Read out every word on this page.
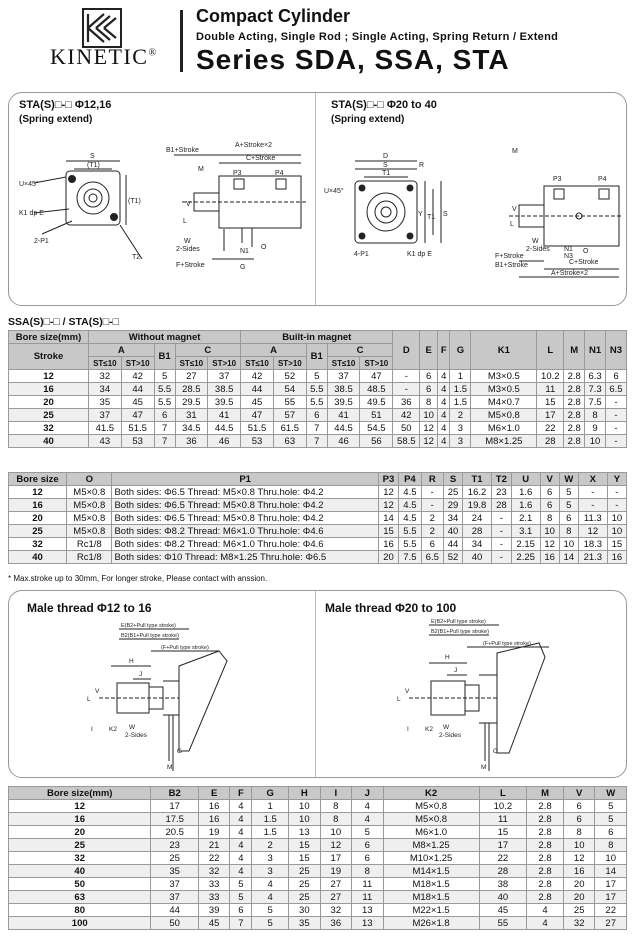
KINETIC®
Compact Cylinder
Double Acting, Single Rod ; Single Acting, Spring Return / Extend
Series SDA, SSA, STA
STA(S)□-□ Φ12,16
(Spring extend)
STA(S)□-□ Φ20 to 40
(Spring extend)
S
(T1)
U×45°
K1 dp E
2-P1
T2
(T1)
B1+Stroke
A+Stroke×2
C+Stroke
M
P3	P4
L
V
W
2-Sides
F+Stroke
N1
G
O
D
S	R
T1
U×45°
4-P1	K1 dp E
Y T1 S
M
P3	P4
L
V
W
2-Sides
F+Stroke
B1+Stroke	C+Stroke
A+Stroke×2
N1
N3
O
SSA(S)□-□ / STA(S)□-□
Bore size(mm)	Without magnet					Built-in magnet					D	E	F	G	K1	L	M	N1	N3
Stroke	A		B1	C		A		B1	C										
	ST≤10	ST>10		ST≤10	ST>10	ST≤10	ST>10		ST≤10	ST>10									
12	32	42	5	27	37	42	52	5	37	47	-	6	4	1	M3×0.5	10.2	2.8	6.3	6
16	34	44	5.5	28.5	38.5	44	54	5.5	38.5	48.5	-	6	4	1.5	M3×0.5	11	2.8	7.3	6.5
20	35	45	5.5	29.5	39.5	45	55	5.5	39.5	49.5	36	8	4	1.5	M4×0.7	15	2.8	7.5	-
25	37	47	6	31	41	47	57	6	41	51	42	10	4	2	M5×0.8	17	2.8	8	-
32	41.5	51.5	7	34.5	44.5	51.5	61.5	7	44.5	54.5	50	12	4	3	M6×1.0	22	2.8	9	-
40	43	53	7	36	46	53	63	7	46	56	58.5	12	4	3	M8×1.25	28	2.8	10	-
Bore size	O	P1	P3	P4	R	S	T1	T2	U	V	W	X	Y
12	M5×0.8	Both sides: Φ6.5 Thread: M5×0.8 Thru.hole: Φ4.2	12	4.5	-	25	16.2	23	1.6	6	5	-	-
16	M5×0.8	Both sides: Φ6.5 Thread: M5×0.8 Thru.hole: Φ4.2	12	4.5	-	29	19.8	28	1.6	6	5	-	-
20	M5×0.8	Both sides: Φ6.5 Thread: M5×0.8 Thru.hole: Φ4.2	14	4.5	2	34	24	-	2.1	8	6	11.3	10
25	M5×0.8	Both sides: Φ8.2 Thread: M6×1.0 Thru.hole: Φ4.6	15	5.5	2	40	28	-	3.1	10	8	12	10
32	Rc1/8	Both sides: Φ8.2 Thread: M6×1.0 Thru.hole: Φ4.6	16	5.5	6	44	34	-	2.15	12	10	18.3	15
40	Rc1/8	Both sides: Φ10 Thread: M8×1.25 Thru.hole: Φ6.5	20	7.5	6.5	52	40	-	2.25	16	14	21.3	16
* Max.stroke up to 30mm, For longer stroke, Please contact with anssion.
Male thread Φ12 to 16	Male thread Φ20 to 100
E(B2+Pull type stroke)
B2(B1+Pull type stroke)
(F+Pull type stroke)
H
J
L
V
I K2 W
2-Sides
G
M
E(B2+Pull type stroke)
B2(B1+Pull type stroke)
(F+Pull type stroke)
H
J
L
V
I K2 W
2-Sides
G
M
Bore size(mm)	B2	E	F	G	H	I	J	K2	L	M	V	W
12	17	16	4	1	10	8	4	M5×0.8	10.2	2.8	6	5
16	17.5	16	4	1.5	10	8	4	M5×0.8	11	2.8	6	5
20	20.5	19	4	1.5	13	10	5	M6×1.0	15	2.8	8	6
25	23	21	4	2	15	12	6	M8×1.25	17	2.8	10	8
32	25	22	4	3	15	17	6	M10×1.25	22	2.8	12	10
40	35	32	4	3	25	19	8	M14×1.5	28	2.8	16	14
50	37	33	5	4	25	27	11	M18×1.5	38	2.8	20	17
63	37	33	5	4	25	27	11	M18×1.5	40	2.8	20	17
80	44	39	6	5	30	32	13	M22×1.5	45	4	25	22
100	50	45	7	5	35	36	13	M26×1.8	55	4	32	27
